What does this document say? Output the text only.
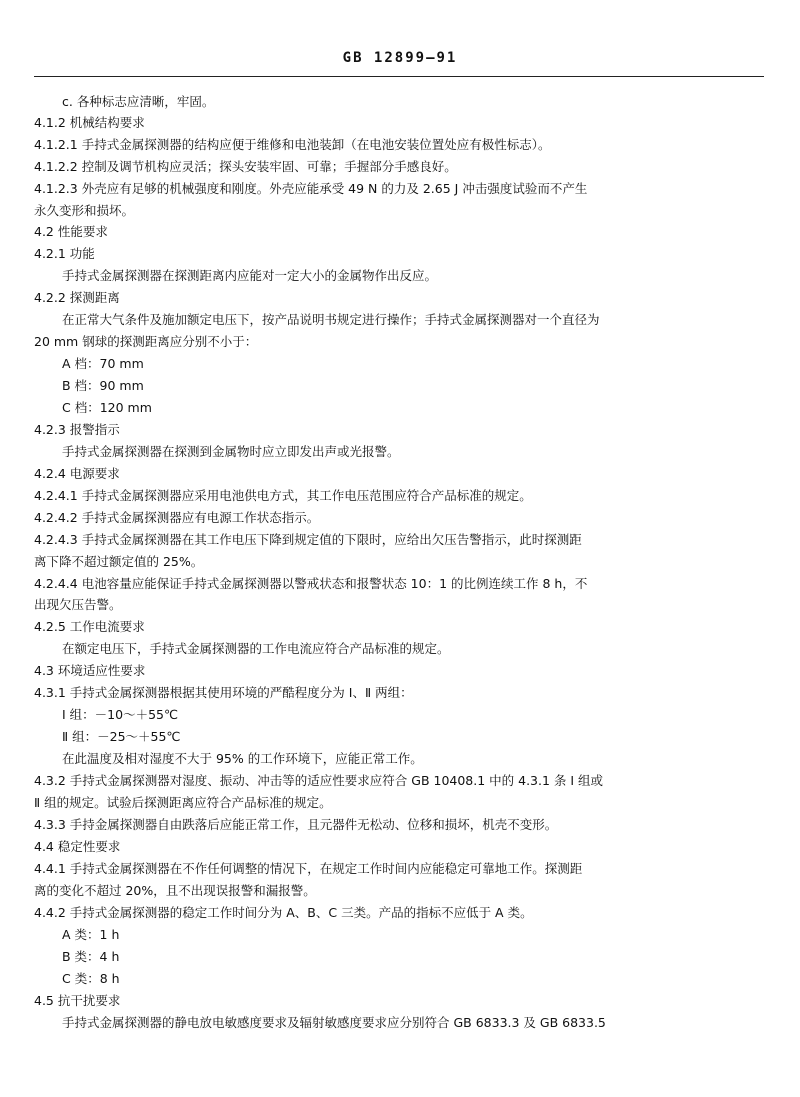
GB 12899—91
c. 各种标志应清晰，牢固。
4.1.2 机械结构要求
4.1.2.1 手持式金属探测器的结构应便于维修和电池装卸（在电池安装位置处应有极性标志）。
4.1.2.2 控制及调节机构应灵活；探头安装牢固、可靠；手握部分手感良好。
4.1.2.3 外壳应有足够的机械强度和刚度。外壳应能承受 49 N 的力及 2.65 J 冲击强度试验而不产生
永久变形和损坏。
4.2 性能要求
4.2.1 功能
手持式金属探测器在探测距离内应能对一定大小的金属物作出反应。
4.2.2 探测距离
在正常大气条件及施加额定电压下，按产品说明书规定进行操作；手持式金属探测器对一个直径为
20 mm 钢球的探测距离应分别不小于：
A 档：70 mm
B 档：90 mm
C 档：120 mm
4.2.3 报警指示
手持式金属探测器在探测到金属物时应立即发出声或光报警。
4.2.4 电源要求
4.2.4.1 手持式金属探测器应采用电池供电方式，其工作电压范围应符合产品标准的规定。
4.2.4.2 手持式金属探测器应有电源工作状态指示。
4.2.4.3 手持式金属探测器在其工作电压下降到规定值的下限时，应给出欠压告警指示，此时探测距
离下降不超过额定值的 25%。
4.2.4.4 电池容量应能保证手持式金属探测器以警戒状态和报警状态 10：1 的比例连续工作 8 h，不
出现欠压告警。
4.2.5 工作电流要求
在额定电压下，手持式金属探测器的工作电流应符合产品标准的规定。
4.3 环境适应性要求
4.3.1 手持式金属探测器根据其使用环境的严酷程度分为 Ⅰ、Ⅱ 两组：
Ⅰ 组：－10～＋55℃
Ⅱ 组：－25～＋55℃
在此温度及相对湿度不大于 95% 的工作环境下，应能正常工作。
4.3.2 手持式金属探测器对湿度、振动、冲击等的适应性要求应符合 GB 10408.1 中的 4.3.1 条 Ⅰ 组或
Ⅱ 组的规定。试验后探测距离应符合产品标准的规定。
4.3.3 手持金属探测器自由跌落后应能正常工作，且元器件无松动、位移和损坏，机壳不变形。
4.4 稳定性要求
4.4.1 手持式金属探测器在不作任何调整的情况下，在规定工作时间内应能稳定可靠地工作。探测距
离的变化不超过 20%，且不出现误报警和漏报警。
4.4.2 手持式金属探测器的稳定工作时间分为 A、B、C 三类。产品的指标不应低于 A 类。
A 类：1 h
B 类：4 h
C 类：8 h
4.5 抗干扰要求
手持式金属探测器的静电放电敏感度要求及辐射敏感度要求应分别符合 GB 6833.3 及 GB 6833.5
